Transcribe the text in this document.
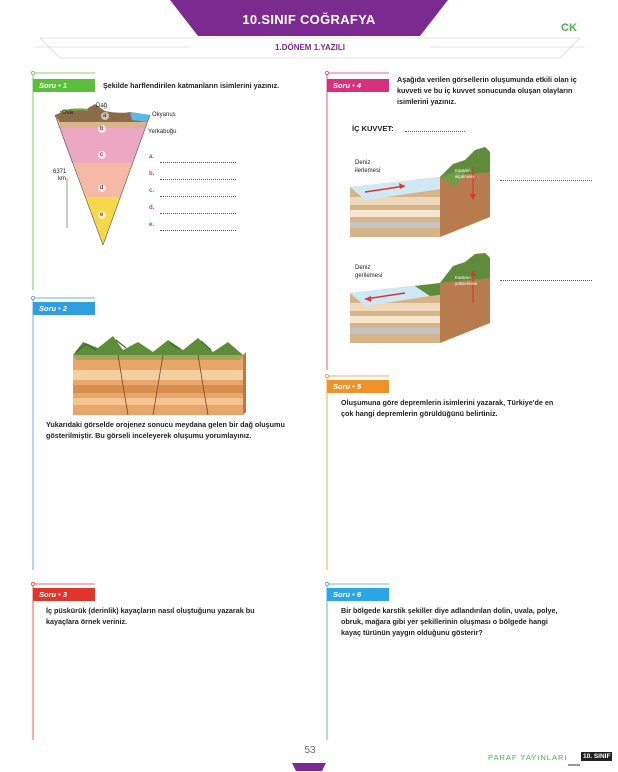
10.SINIF COĞRAFYA
1.DÖNEM 1.YAZILI
CK
Soru • 1	Şekilde harflendirilen katmanların isimlerini yazınız.
Ova
Dağ
Okyanus
Yerkabuğu
6371
km
a
b
c
d
e
a.
b.
c.
d.
e.
Soru • 2
Yukarıdaki görselde orojenez sonucu meydana gelen bir dağ oluşumu gösterilmiştir. Bu görseli inceleyerek oluşumu yorumlayınız.
Soru • 3
İç püskürük (derinlik) kayaçların nasıl oluştuğunu yazarak bu kayaçlara örnek veriniz.
Soru • 4
Aşağıda verilen görsellerin oluşumunda etkili olan iç kuvveti ve bu iç kuvvet sonucunda oluşan olayların isimlerini yazınız.
İÇ KUVVET:
Deniz ilerlemesi	Karanın alçalması
Deniz gerilemesi	Karanın yükselmesi
Soru • 5
Oluşumuna göre depremlerin isimlerini yazarak, Türkiye'de en çok hangi depremlerin görüldüğünü belirtiniz.
Soru • 6
Bir bölgede karstik şekiller diye adlandırılan dolin, uvala, polye, obruk, mağara gibi yer şekillerinin oluşması o bölgede hangi kayaç türünün yaygın olduğunu gösterir?
53
PARAF YAYINLARI	10. SINIF
